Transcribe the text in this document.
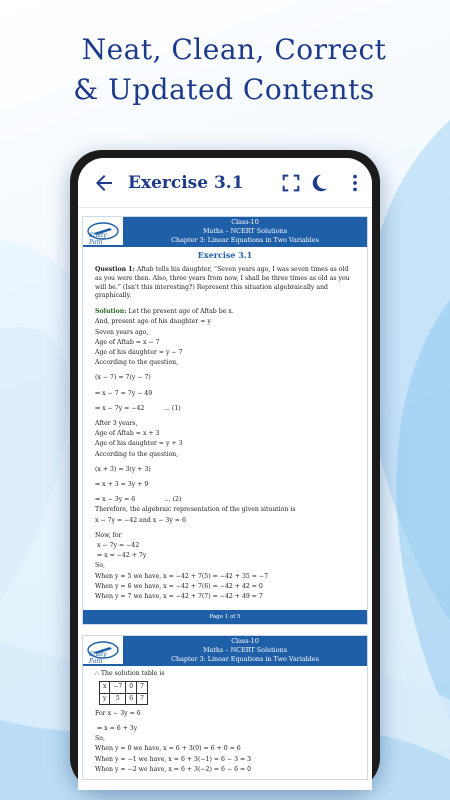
Neat, Clean, Correct
& Updated Contents
Exercise 3.1
Study Path
Class-10
Maths – NCERT Solutions
Chapter 3: Linear Equations in Two Variables
Exercise 3.1
Question 1: Aftab tells his daughter, “Seven years ago, I was seven times as old as you were then. Also, three years from now, I shall be three times as old as you will be.” (Isn't this interesting?) Represent this situation algebraically and graphically.
Solution: Let the present age of Aftab be x.

And, present age of his daughter = y

Seven years ago,

Age of Aftab = x − 7

Age of his daughter = y − 7

According to the question,

(x − 7) = 7(y − 7)

⇒ x − 7 = 7y − 49

⇒ x − 7y = −42          ... (1)

After 3 years,

Age of Aftab = x + 3

Age of his daughter = y + 3

According to the question,

(x + 3) = 3(y + 3)

⇒ x + 3 = 3y + 9

⇒ x − 3y = 6               ... (2)

Therefore, the algebraic representation of the given situation is

x − 7y = −42 and x − 3y = 6

Now, for

x − 7y = −42

⇒ x = −42 + 7y

So,

When y = 5 we have, x = −42 + 7(5) = −42 + 35 = −7

When y = 6 we have, x = −42 + 7(6) = −42 + 42 = 0

When y = 7 we have, x = −42 + 7(7) = −42 + 49 = 7

Page 1 of 5
Study Path
Class-10
Maths – NCERT Solutions
Chapter 3: Linear Equations in Two Variables

∴ The solution table is

x	−7	0	7
y	5	6	7

For x − 3y = 6

⇒ x = 6 + 3y

So,

When y = 0 we have, x = 6 + 3(0) = 6 + 0 = 6

When y = −1 we have, x = 6 + 3(−1) = 6 − 3 = 3

When y = −2 we have, x = 6 + 3(−2) = 6 − 6 = 0
